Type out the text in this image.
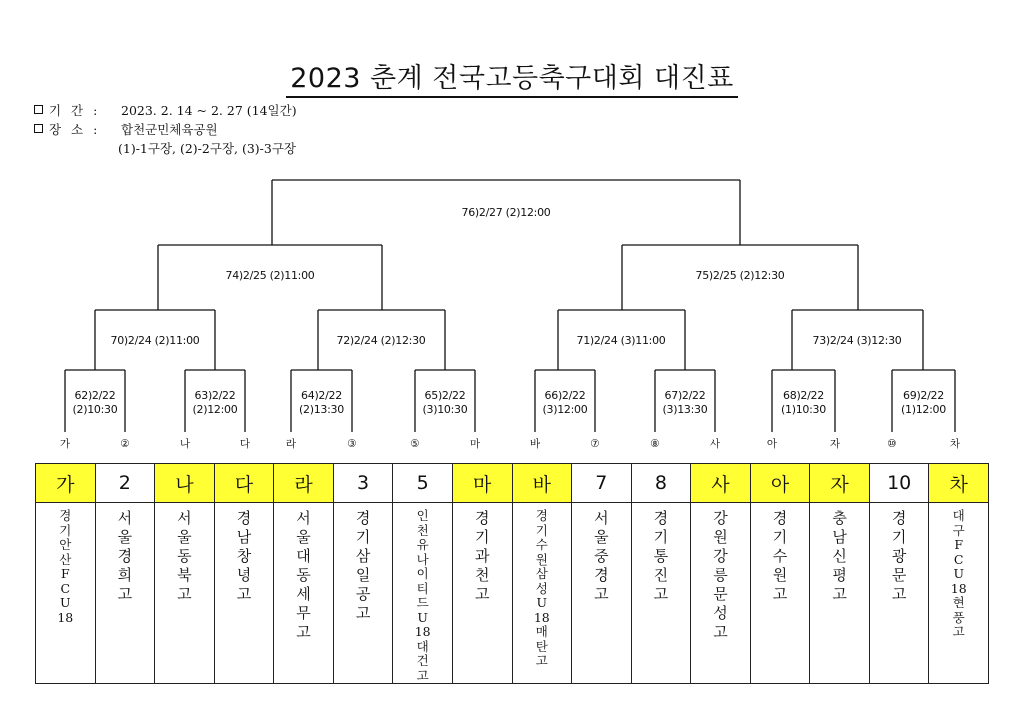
2023 춘계 전국고등축구대회 대진표
기 간 : 2023. 2. 14 ~ 2. 27 (14일간)
장 소 : 합천군민체육공원
(1)-1구장, (2)-2구장, (3)-3구장
76)2/27 (2)12:00
74)2/25 (2)11:00	75)2/25 (2)12:30
70)2/24 (2)11:00	72)2/24 (2)12:30	71)2/24 (3)11:00	73)2/24 (3)12:30
62)2/22
(2)10:30
63)2/22
(2)12:00
64)2/22
(2)13:30
65)2/22
(3)10:30
66)2/22
(3)12:00
67)2/22
(3)13:30
68)2/22
(1)10:30
69)2/22
(1)12:00
가	②	나	다	라	③	⑤	마	바	⑦	⑧	사	아	자	⑩	차
가	2	나	다	라	3	5	마	바	7	8	사	아	자	10	차

경기안산FCU18	서울경희고	서울동북고	경남창녕고	서울대동세무고	경기삼일공고	인천유나이티드U18대건고	경기과천고	경기수원삼성U18매탄고	서울중경고	경기통진고	강원강릉문성고	경기수원고	충남신평고	경기광문고	대구FCU18현풍고
